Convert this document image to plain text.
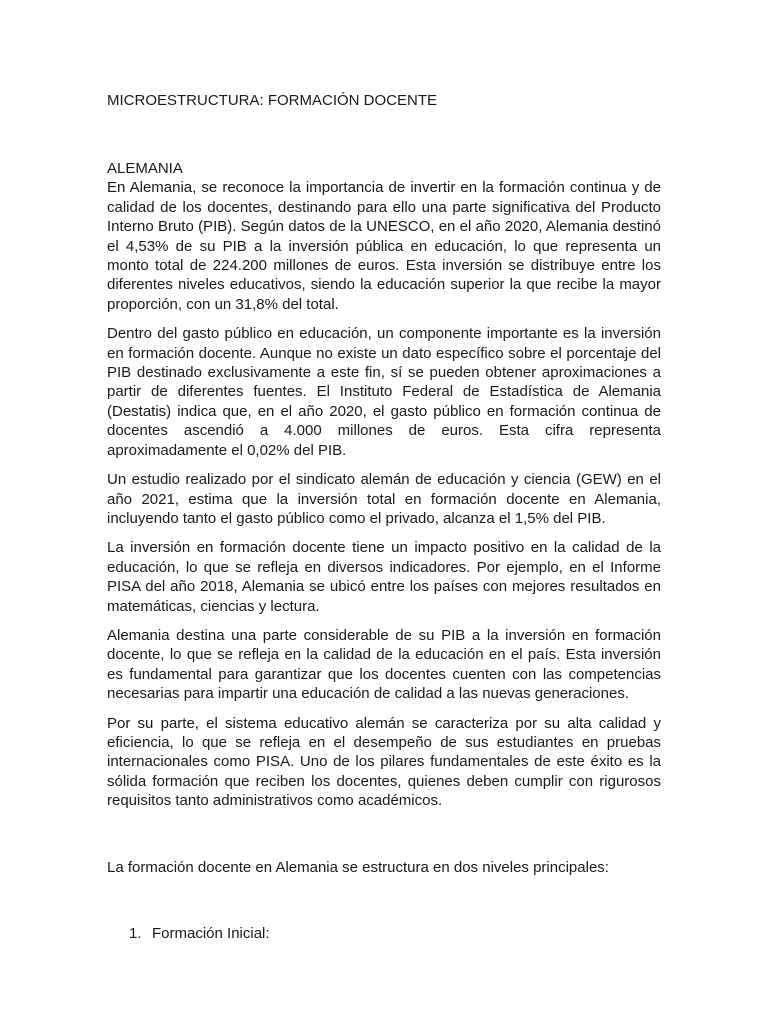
MICROESTRUCTURA: FORMACIÓN DOCENTE
ALEMANIA

En Alemania, se reconoce la importancia de invertir en la formación continua y de calidad de los docentes, destinando para ello una parte significativa del Producto Interno Bruto (PIB). Según datos de la UNESCO, en el año 2020, Alemania destinó el 4,53% de su PIB a la inversión pública en educación, lo que representa un monto total de 224.200 millones de euros. Esta inversión se distribuye entre los diferentes niveles educativos, siendo la educación superior la que recibe la mayor proporción, con un 31,8% del total.

Dentro del gasto público en educación, un componente importante es la inversión en formación docente. Aunque no existe un dato específico sobre el porcentaje del PIB destinado exclusivamente a este fin, sí se pueden obtener aproximaciones a partir de diferentes fuentes. El Instituto Federal de Estadística de Alemania (Destatis) indica que, en el año 2020, el gasto público en formación continua de docentes ascendió a 4.000 millones de euros. Esta cifra representa aproximadamente el 0,02% del PIB.

Un estudio realizado por el sindicato alemán de educación y ciencia (GEW) en el año 2021, estima que la inversión total en formación docente en Alemania, incluyendo tanto el gasto público como el privado, alcanza el 1,5% del PIB.

La inversión en formación docente tiene un impacto positivo en la calidad de la educación, lo que se refleja en diversos indicadores. Por ejemplo, en el Informe PISA del año 2018, Alemania se ubicó entre los países con mejores resultados en matemáticas, ciencias y lectura.

Alemania destina una parte considerable de su PIB a la inversión en formación docente, lo que se refleja en la calidad de la educación en el país. Esta inversión es fundamental para garantizar que los docentes cuenten con las competencias necesarias para impartir una educación de calidad a las nuevas generaciones.

Por su parte, el sistema educativo alemán se caracteriza por su alta calidad y eficiencia, lo que se refleja en el desempeño de sus estudiantes en pruebas internacionales como PISA. Uno de los pilares fundamentales de este éxito es la sólida formación que reciben los docentes, quienes deben cumplir con rigurosos requisitos tanto administrativos como académicos.

La formación docente en Alemania se estructura en dos niveles principales:

1. Formación Inicial:
